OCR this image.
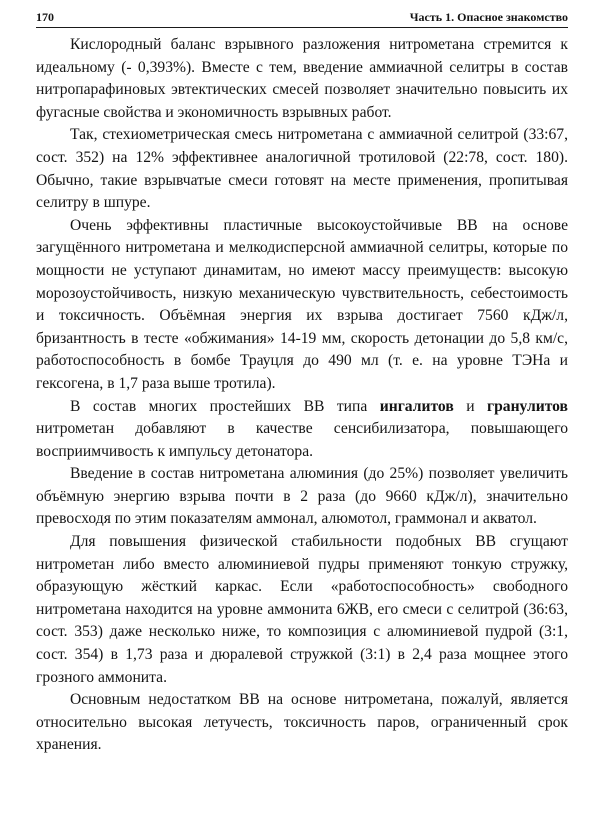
170	Часть 1. Опасное знакомство

Кислородный баланс взрывного разложения нитрометана стремится к идеальному (- 0,393%). Вместе с тем, введение аммиачной селитры в состав нитропарафиновых эвтектических смесей позволяет значительно повысить их фугасные свойства и экономичность взрывных работ.

Так, стехиометрическая смесь нитрометана с аммиачной селитрой (33:67, сост. 352) на 12% эффективнее аналогичной тротиловой (22:78, сост. 180). Обычно, такие взрывчатые смеси готовят на месте применения, пропитывая селитру в шпуре.

Очень эффективны пластичные высокоустойчивые ВВ на основе загущённого нитрометана и мелкодисперсной аммиачной селитры, которые по мощности не уступают динамитам, но имеют массу преимуществ: высокую морозоустойчивость, низкую механическую чувствительность, себестоимость и токсичность. Объёмная энергия их взрыва достигает 7560 кДж/л, бризантность в тесте «обжимания» 14-19 мм, скорость детонации до 5,8 км/с, работоспособность в бомбе Трауцля до 490 мл (т. е. на уровне ТЭНа и гексогена, в 1,7 раза выше тротила).

В состав многих простейших ВВ типа ингалитов и гранулитов нитрометан добавляют в качестве сенсибилизатора, повышающего восприимчивость к импульсу детонатора.

Введение в состав нитрометана алюминия (до 25%) позволяет увеличить объёмную энергию взрыва почти в 2 раза (до 9660 кДж/л), значительно превосходя по этим показателям аммонал, алюмотол, граммонал и акватол.

Для повышения физической стабильности подобных ВВ сгущают нитрометан либо вместо алюминиевой пудры применяют тонкую стружку, образующую жёсткий каркас. Если «работоспособность» свободного нитрометана находится на уровне аммонита 6ЖВ, его смеси с селитрой (36:63, сост. 353) даже несколько ниже, то композиция с алюминиевой пудрой (3:1, сост. 354) в 1,73 раза и дюралевой стружкой (3:1) в 2,4 раза мощнее этого грозного аммонита.

Основным недостатком ВВ на основе нитрометана, пожалуй, является относительно высокая летучесть, токсичность паров, ограниченный срок хранения.
